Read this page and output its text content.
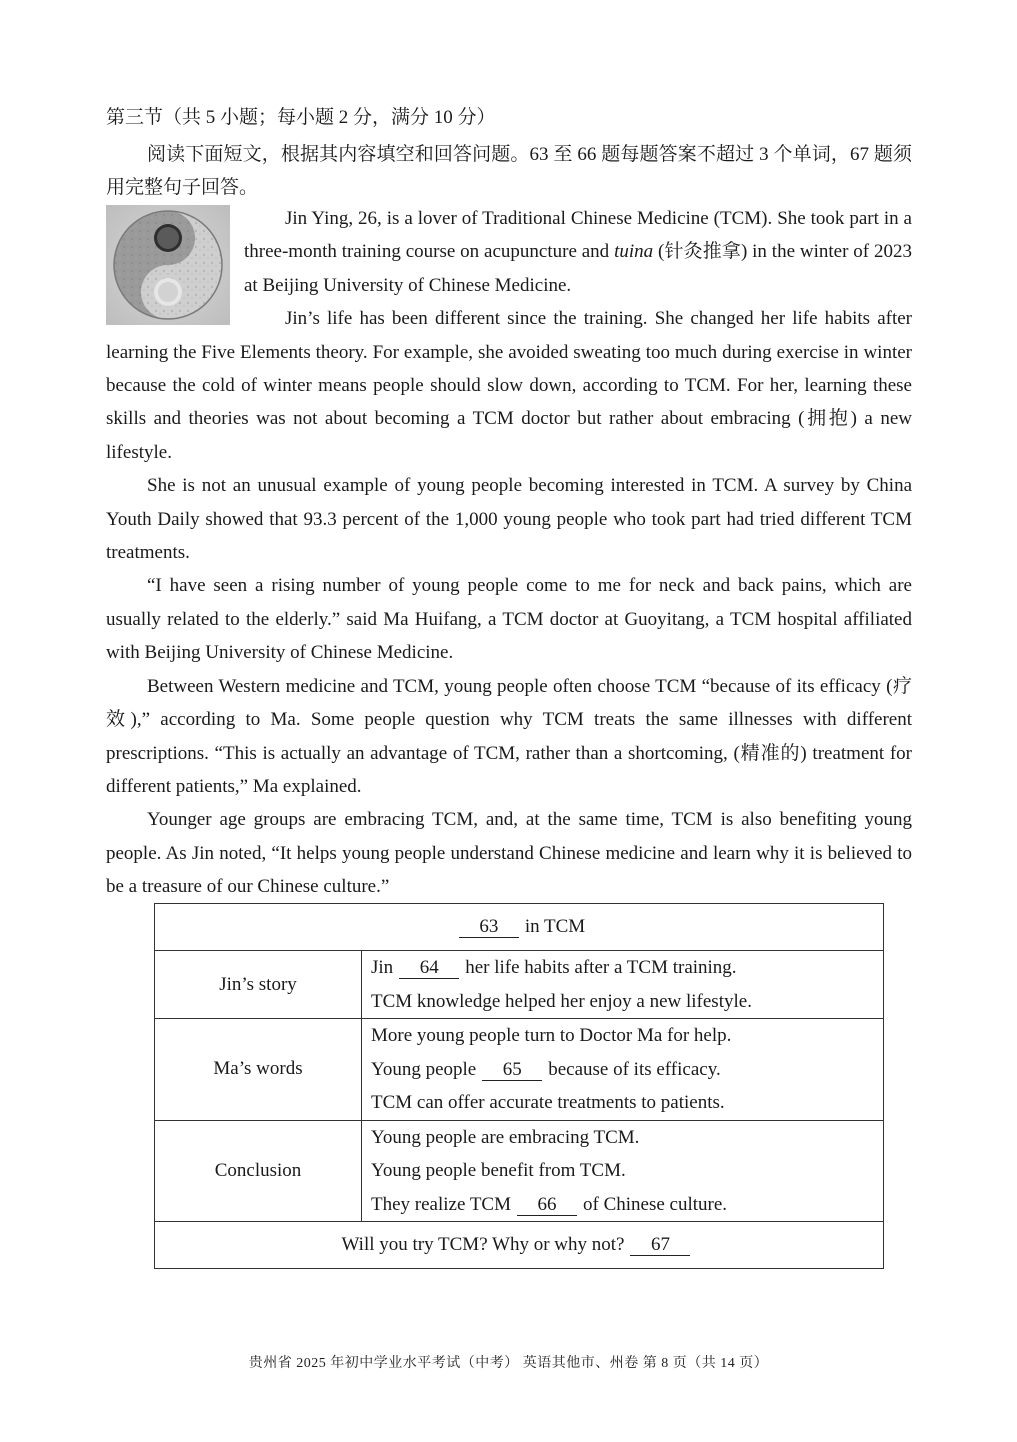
第三节（共 5 小题；每小题 2 分，满分 10 分）
阅读下面短文，根据其内容填空和回答问题。63 至 66 题每题答案不超过 3 个单词，67 题须用完整句子回答。

Jin Ying, 26, is a lover of Traditional Chinese Medicine (TCM). She took part in a three-month training course on acupuncture and tuina (针灸推拿) in the winter of 2023 at Beijing University of Chinese Medicine.

Jin’s life has been different since the training. She changed her life habits after learning the Five Elements theory. For example, she avoided sweating too much during exercise in winter because the cold of winter means people should slow down, according to TCM. For her, learning these skills and theories was not about becoming a TCM doctor but rather about embracing (拥抱) a new lifestyle.

She is not an unusual example of young people becoming interested in TCM. A survey by China Youth Daily showed that 93.3 percent of the 1,000 young people who took part had tried different TCM treatments.

“I have seen a rising number of young people come to me for neck and back pains, which are usually related to the elderly.” said Ma Huifang, a TCM doctor at Guoyitang, a TCM hospital affiliated with Beijing University of Chinese Medicine.

Between Western medicine and TCM, young people often choose TCM “because of its efficacy (疗效),” according to Ma. Some people question why TCM treats the same illnesses with different prescriptions. “This is actually an advantage of TCM, rather than a shortcoming, (精准的) treatment for different patients,” Ma explained.

Younger age groups are embracing TCM, and, at the same time, TCM is also benefiting young people. As Jin noted, “It helps young people understand Chinese medicine and learn why it is believed to be a treasure of our Chinese culture.”

63 in TCM	
Jin’s story	Jin 64 her life habits after a TCM training.
TCM knowledge helped her enjoy a new lifestyle.

Ma’s words	More young people turn to Doctor Ma for help.
Young people 65 because of its efficacy.
TCM can offer accurate treatments to patients.

Conclusion	Young people are embracing TCM.
Young people benefit from TCM.
They realize TCM 66 of Chinese culture.

Will you try TCM? Why or why not? 67	
贵州省 2025 年初中学业水平考试（中考） 英语其他市、州卷 第 8 页（共 14 页）
